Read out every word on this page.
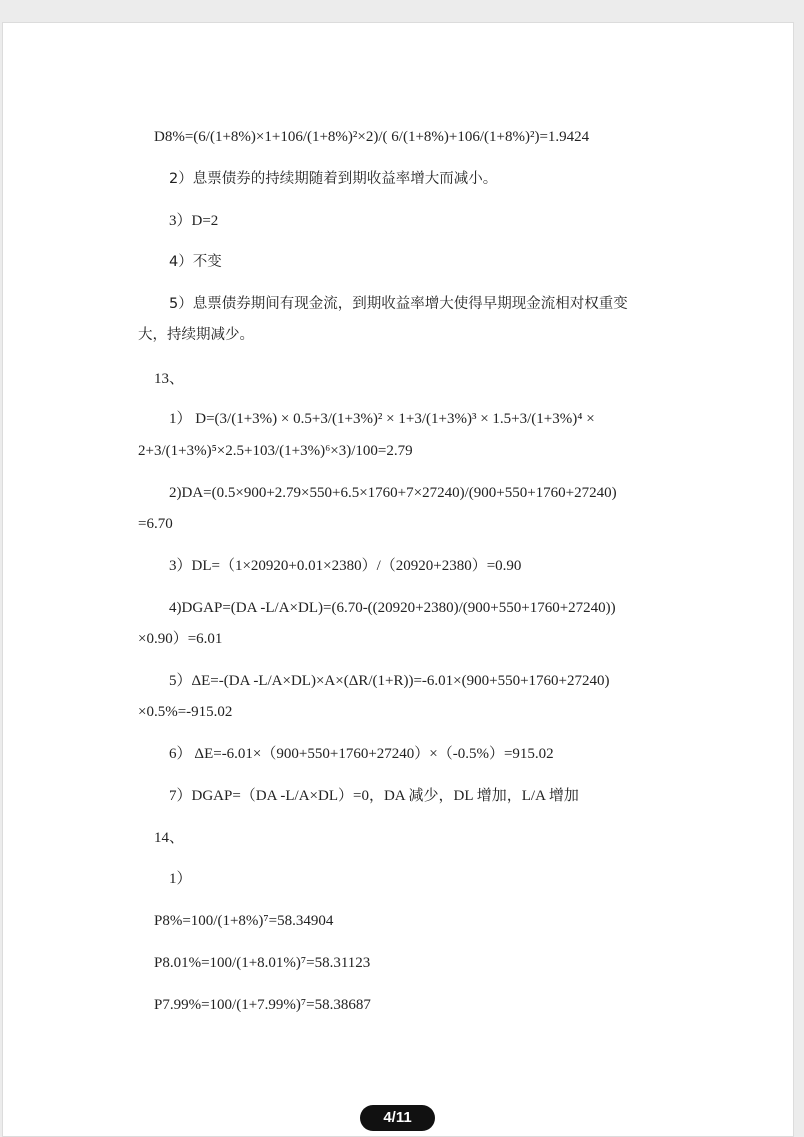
D8%=(6/(1+8%)×1+106/(1+8%)²×2)/( 6/(1+8%)+106/(1+8%)²)=1.9424
2）息票债券的持续期随着到期收益率增大而减小。
3）D=2
4）不变
5）息票债券期间有现金流，到期收益率增大使得早期现金流相对权重变
大，持续期减少。
13、
1） D=(3/(1+3%) × 0.5+3/(1+3%)² × 1+3/(1+3%)³ × 1.5+3/(1+3%)⁴ ×
2+3/(1+3%)⁵×2.5+103/(1+3%)⁶×3)/100=2.79
2)DA=(0.5×900+2.79×550+6.5×1760+7×27240)/(900+550+1760+27240)
=6.70
3）DL=（1×20920+0.01×2380）/（20920+2380）=0.90
4)DGAP=(DA -L/A×DL)=(6.70-((20920+2380)/(900+550+1760+27240))
×0.90）=6.01
5）ΔE=-(DA -L/A×DL)×A×(ΔR/(1+R))=-6.01×(900+550+1760+27240)
×0.5%=-915.02
6） ΔE=-6.01×（900+550+1760+27240）×（-0.5%）=915.02
7）DGAP=（DA -L/A×DL）=0，DA 减少，DL 增加，L/A 增加
14、
1）
P8%=100/(1+8%)⁷=58.34904
P8.01%=100/(1+8.01%)⁷=58.31123
P7.99%=100/(1+7.99%)⁷=58.38687
4/11
